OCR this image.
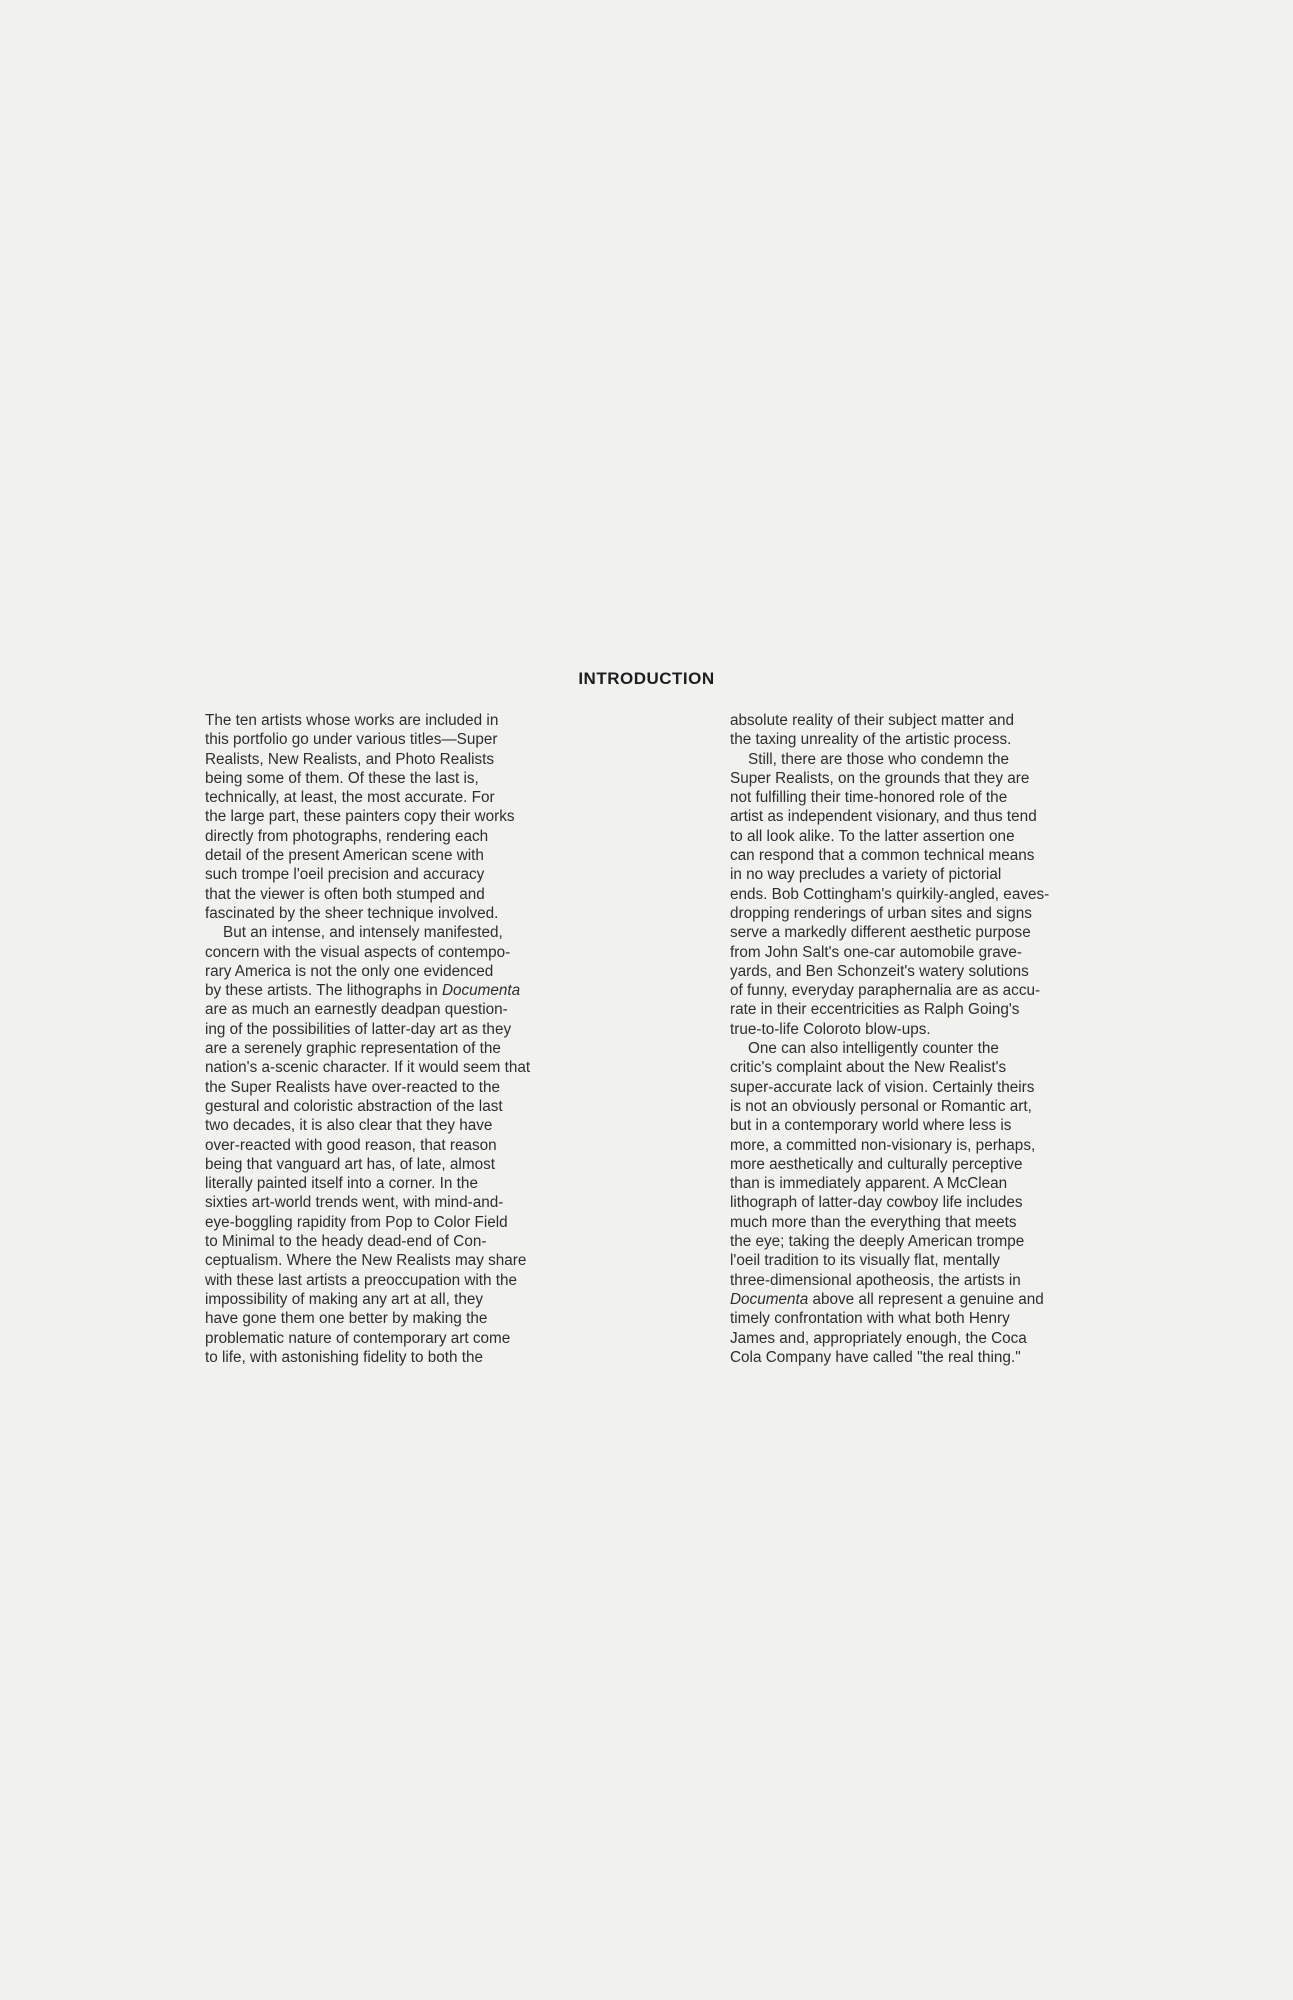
INTRODUCTION
The ten artists whose works are included in
this portfolio go under various titles—Super
Realists, New Realists, and Photo Realists
being some of them. Of these the last is,
technically, at least, the most accurate. For
the large part, these painters copy their works
directly from photographs, rendering each
detail of the present American scene with
such trompe l'oeil precision and accuracy
that the viewer is often both stumped and
fascinated by the sheer technique involved.
But an intense, and intensely manifested,
concern with the visual aspects of contempo-
rary America is not the only one evidenced
by these artists. The lithographs in Documenta
are as much an earnestly deadpan question-
ing of the possibilities of latter-day art as they
are a serenely graphic representation of the
nation's a-scenic character. If it would seem that
the Super Realists have over-reacted to the
gestural and coloristic abstraction of the last
two decades, it is also clear that they have
over-reacted with good reason, that reason
being that vanguard art has, of late, almost
literally painted itself into a corner. In the
sixties art-world trends went, with mind-and-
eye-boggling rapidity from Pop to Color Field
to Minimal to the heady dead-end of Con-
ceptualism. Where the New Realists may share
with these last artists a preoccupation with the
impossibility of making any art at all, they
have gone them one better by making the
problematic nature of contemporary art come
to life, with astonishing fidelity to both the
absolute reality of their subject matter and
the taxing unreality of the artistic process.
Still, there are those who condemn the
Super Realists, on the grounds that they are
not fulfilling their time-honored role of the
artist as independent visionary, and thus tend
to all look alike. To the latter assertion one
can respond that a common technical means
in no way precludes a variety of pictorial
ends. Bob Cottingham's quirkily-angled, eaves-
dropping renderings of urban sites and signs
serve a markedly different aesthetic purpose
from John Salt's one-car automobile grave-
yards, and Ben Schonzeit's watery solutions
of funny, everyday paraphernalia are as accu-
rate in their eccentricities as Ralph Going's
true-to-life Coloroto blow-ups.
One can also intelligently counter the
critic's complaint about the New Realist's
super-accurate lack of vision. Certainly theirs
is not an obviously personal or Romantic art,
but in a contemporary world where less is
more, a committed non-visionary is, perhaps,
more aesthetically and culturally perceptive
than is immediately apparent. A McClean
lithograph of latter-day cowboy life includes
much more than the everything that meets
the eye; taking the deeply American trompe
l'oeil tradition to its visually flat, mentally
three-dimensional apotheosis, the artists in
Documenta above all represent a genuine and
timely confrontation with what both Henry
James and, appropriately enough, the Coca
Cola Company have called "the real thing."
